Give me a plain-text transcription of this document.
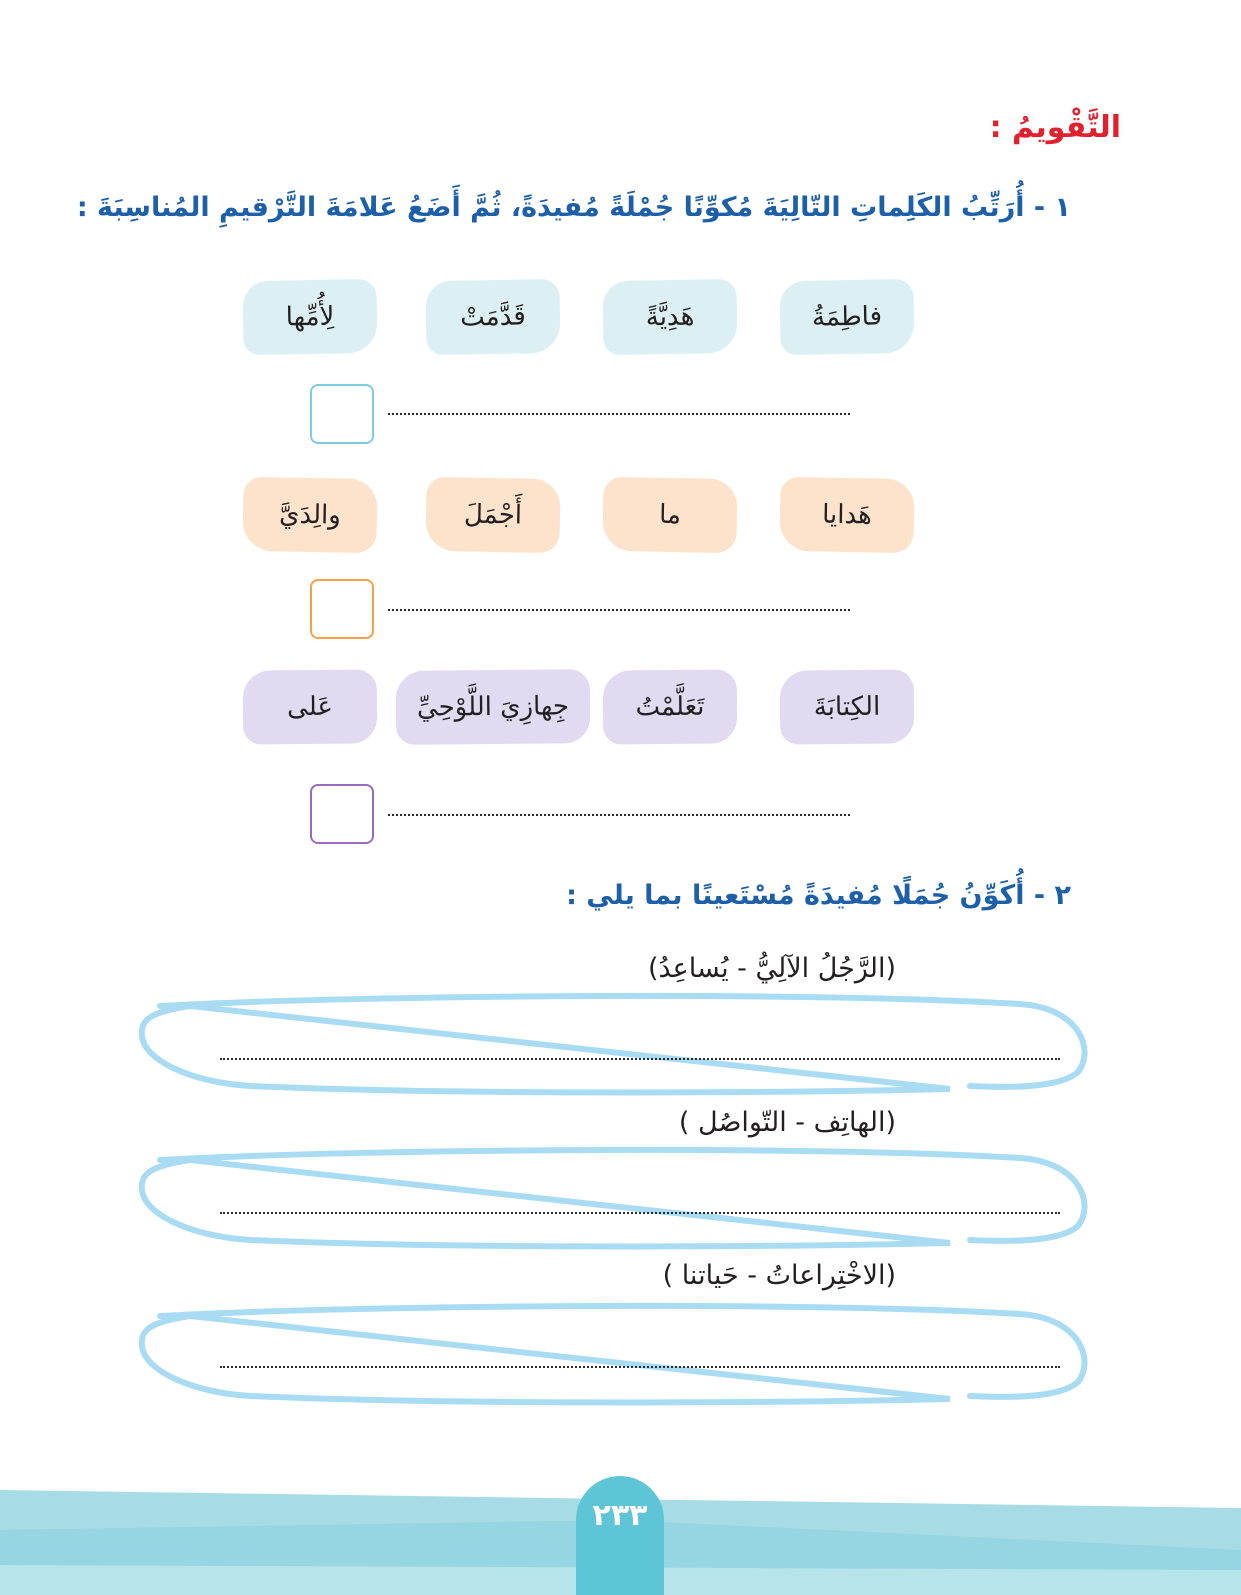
التَّقْويمُ :
١ - أُرَتِّبُ الكَلِماتِ التّالِيَةَ مُكوِّنًا جُمْلَةً مُفيدَةً، ثُمَّ أَضَعُ عَلامَةَ التَّرْقيمِ المُناسِبَةَ :
فاطِمَةُ
هَدِيَّةً
قَدَّمَتْ
لِأُمِّها
هَدايا
ما
أَجْمَلَ
والِدَيَّ
الكِتابَةَ
تَعَلَّمْتُ
جِهازِيَ اللَّوْحِيِّ
عَلى
٢ - أُكَوِّنُ جُمَلًا مُفيدَةً مُسْتَعينًا بما يلي :
(الرَّجُلُ الآلِيُّ - يُساعِدُ)
(الهاتِف - التّواصُل )
(الاخْتِراعاتُ - حَياتنا )
٢٣٣
